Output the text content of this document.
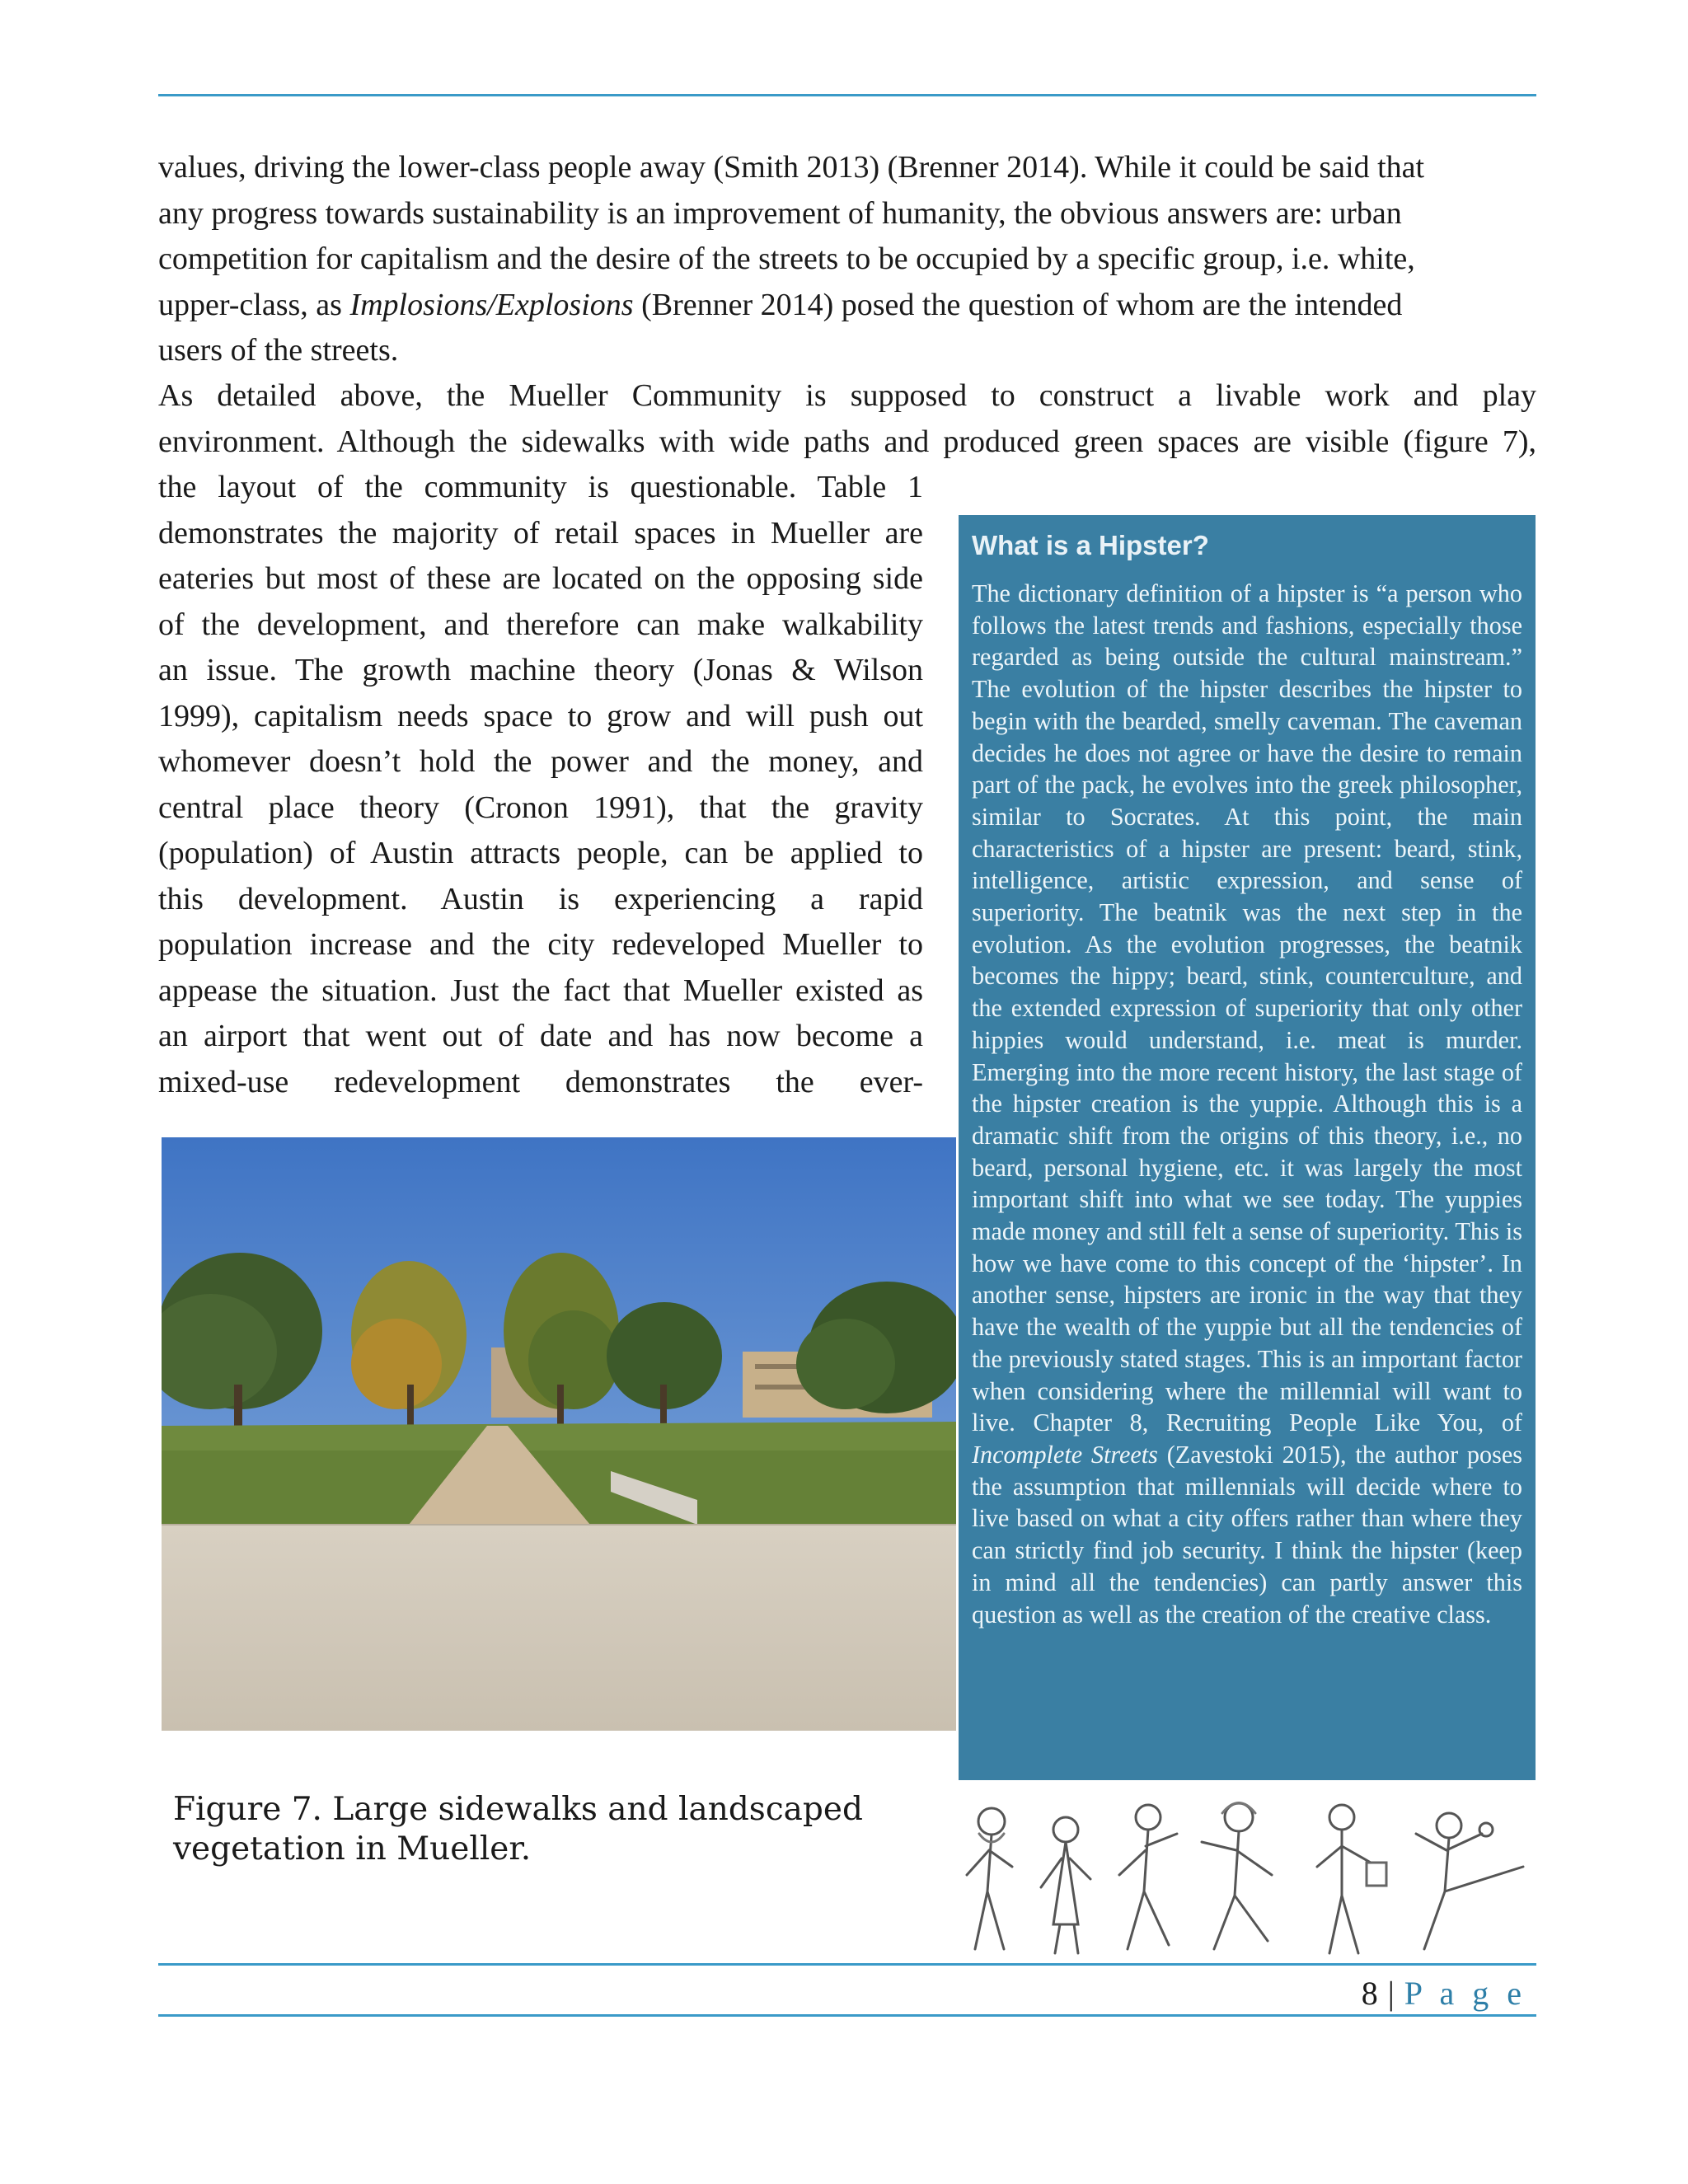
values, driving the lower-class people away (Smith 2013) (Brenner 2014). While it could be said that
any progress towards sustainability is an improvement of humanity, the obvious answers are: urban
competition for capitalism and the desire of the streets to be occupied by a specific group, i.e. white,
upper-class, as Implosions/Explosions (Brenner 2014) posed the question of whom are the intended
users of the streets.
As detailed above, the Mueller Community is supposed to construct a livable work and play
environment. Although the sidewalks with wide paths and produced green spaces are visible (figure 7),
the layout of the community is questionable. Table 1
demonstrates the majority of retail spaces in Mueller are
eateries but most of these are located on the opposing side
of the development, and therefore can make walkability
an issue. The growth machine theory (Jonas & Wilson
1999), capitalism needs space to grow and will push out
whomever doesn’t hold the power and the money, and
central place theory (Cronon 1991), that the gravity
(population) of Austin attracts people, can be applied to
this development. Austin is experiencing a rapid
population increase and the city redeveloped Mueller to
appease the situation. Just the fact that Mueller existed as
an airport that went out of date and has now become a
mixed-use redevelopment demonstrates the ever-
Figure 7. Large sidewalks and landscaped vegetation in Mueller.
What is a Hipster?

The dictionary definition of a hipster is “a person who follows the latest trends and fashions, especially those regarded as being outside the cultural mainstream.” The evolution of the hipster describes the hipster to begin with the bearded, smelly caveman. The caveman decides he does not agree or have the desire to remain part of the pack, he evolves into the greek philosopher, similar to Socrates. At this point, the main characteristics of a hipster are present: beard, stink, intelligence, artistic expression, and sense of superiority. The beatnik was the next step in the evolution. As the evolution progresses, the beatnik becomes the hippy; beard, stink, counterculture, and the extended expression of superiority that only other hippies would understand, i.e. meat is murder. Emerging into the more recent history, the last stage of the hipster creation is the yuppie. Although this is a dramatic shift from the origins of this theory, i.e., no beard, personal hygiene, etc. it was largely the most important shift into what we see today. The yuppies made money and still felt a sense of superiority. This is how we have come to this concept of the ‘hipster’. In another sense, hipsters are ironic in the way that they have the wealth of the yuppie but all the tendencies of the previously stated stages. This is an important factor when considering where the millennial will want to live. Chapter 8, Recruiting People Like You, of Incomplete Streets (Zavestoki 2015), the author poses the assumption that millennials will decide where to live based on what a city offers rather than where they can strictly find job security. I think the hipster (keep in mind all the tendencies) can partly answer this question as well as the creation of the creative class.

8 | P a g e
